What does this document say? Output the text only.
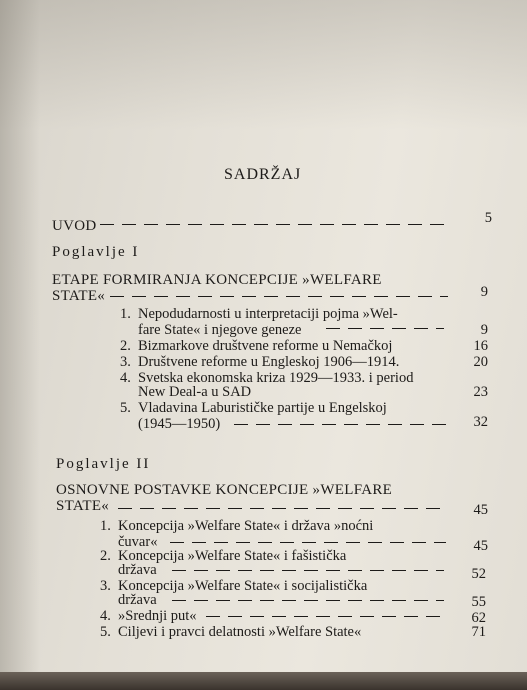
SADRŽAJ
UVOD	5
Poglavlje I
ETAPE FORMIRANJA KONCEPCIJE »WELFARE
STATE«	9
1. Nepodudarnosti u interpretaciji pojma »Wel-
fare State« i njegove geneze	9
2. Bizmarkove društvene reforme u Nemačkoj	16
3. Društvene reforme u Engleskoj 1906—1914.	20
4. Svetska ekonomska kriza 1929—1933. i period
New Deal-a u SAD	23
5. Vladavina Laburističke partije u Engelskoj
(1945—1950)	32
Poglavlje II
OSNOVNE POSTAVKE KONCEPCIJE »WELFARE
STATE«	45
1. Koncepcija »Welfare State« i država »noćni
čuvar«	45
2. Koncepcija »Welfare State« i fašistička
država	52
3. Koncepcija »Welfare State« i socijalistička
država	55
4. »Srednji put«	62
5. Ciljevi i pravci delatnosti »Welfare State«	71
